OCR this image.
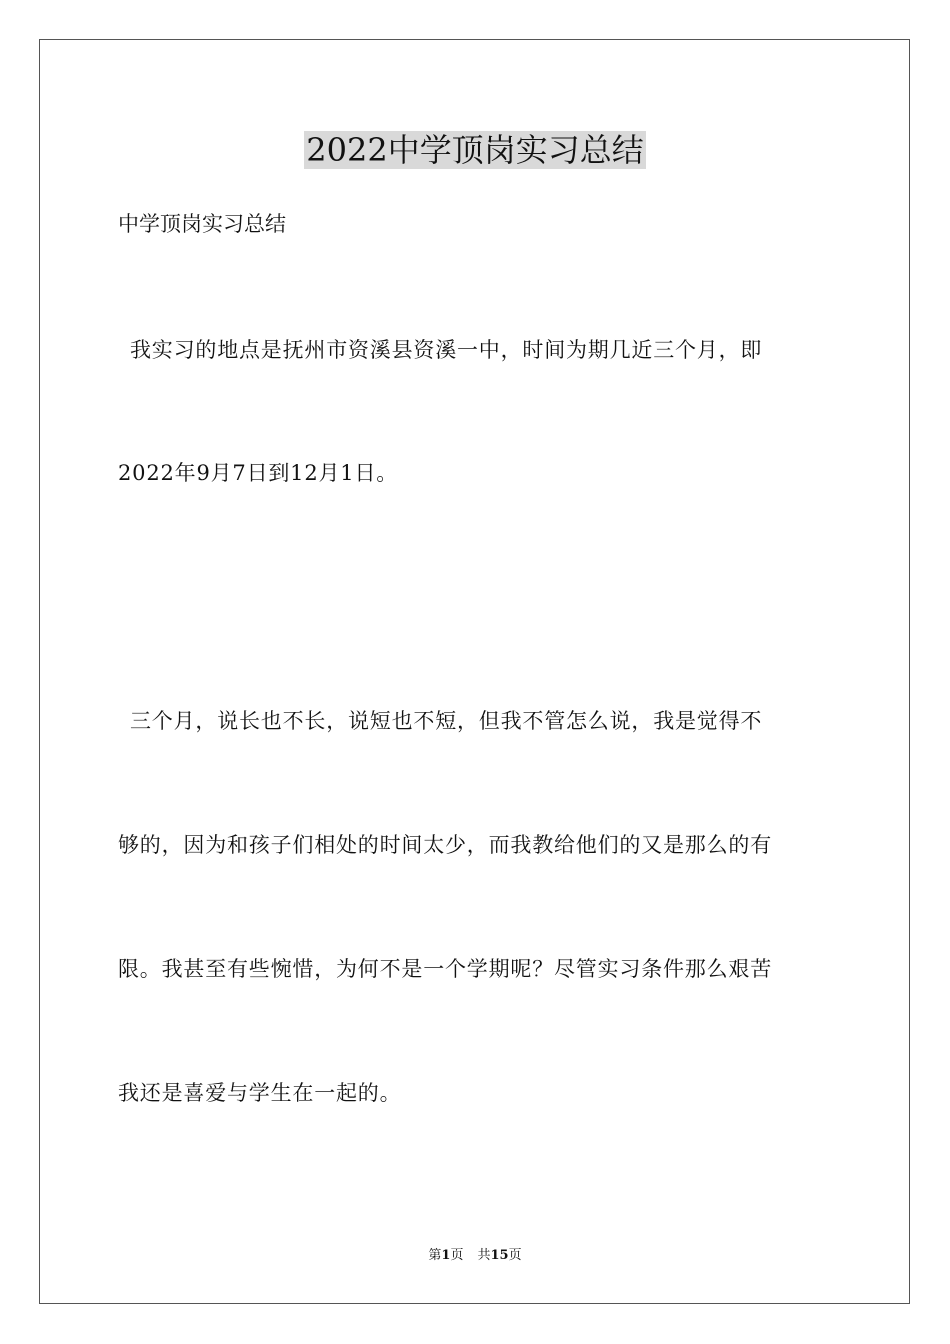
2022中学顶岗实习总结
中学顶岗实习总结
我实习的地点是抚州市资溪县资溪一中，时间为期几近三个月，即
2022年9月7日到12月1日。
三个月，说长也不长，说短也不短，但我不管怎么说，我是觉得不
够的，因为和孩子们相处的时间太少，而我教给他们的又是那么的有
限。我甚至有些惋惜，为何不是一个学期呢？尽管实习条件那么艰苦
我还是喜爱与学生在一起的。
第1页 共15页
